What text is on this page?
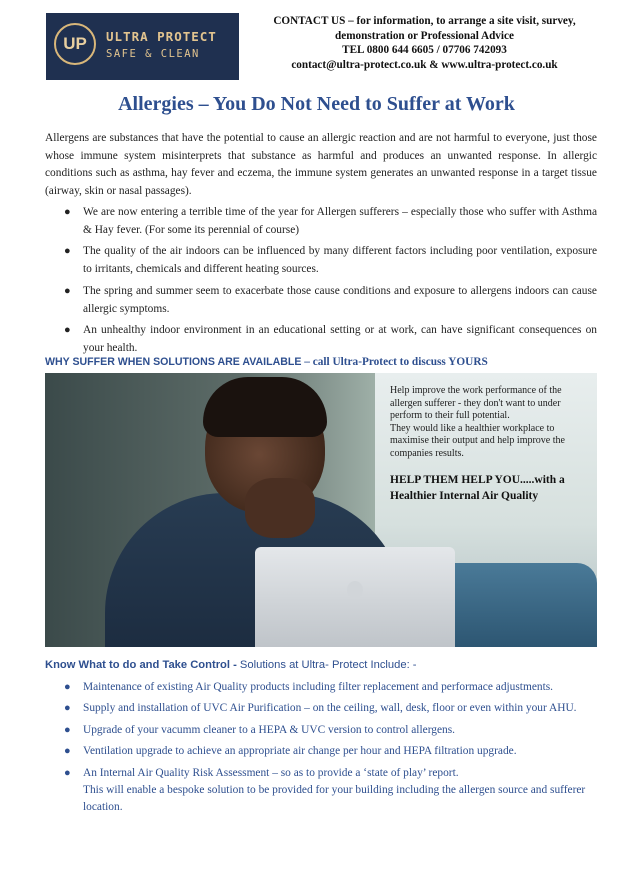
UP	ULTRA PROTECT
SAFE & CLEAN
CONTACT US – for information, to arrange a site visit, survey,
demonstration or Professional Advice
TEL 0800 644 6605 / 07706 742093
contact@ultra-protect.co.uk & www.ultra-protect.co.uk
Allergies – You Do Not Need to Suffer at Work

Allergens are substances that have the potential to cause an allergic reaction and are not harmful to everyone, just those whose immune system misinterprets that substance as harmful and produces an unwanted response. In allergic conditions such as asthma, hay fever and eczema, the immune system generates an unwanted response in a target tissue (airway, skin or nasal passages).

● We are now entering a terrible time of the year for Allergen sufferers – especially those who suffer with Asthma & Hay fever. (For some its perennial of course)
● The quality of the air indoors can be influenced by many different factors including poor ventilation, exposure to irritants, chemicals and different heating sources.
● The spring and summer seem to exacerbate those cause conditions and exposure to allergens indoors can cause allergic symptoms.
● An unhealthy indoor environment in an educational setting or at work, can have significant consequences on your health.
WHY SUFFER WHEN SOLUTIONS ARE AVAILABLE – call Ultra-Protect to discuss YOURS
Help improve the work performance of the allergen sufferer - they don't want to under perform to their full potential.
They would like a healthier workplace to maximise their output and help improve the companies results.
HELP THEM HELP YOU.....with a Healthier Internal Air Quality
Know What to do and Take Control - Solutions at Ultra- Protect Include: -
● Maintenance of existing Air Quality products including filter replacement and performace adjustments.
● Supply and installation of UVC Air Purification – on the ceiling, wall, desk, floor or even within your AHU.
● Upgrade of your vacumm cleaner to a HEPA & UVC version to control allergens.
● Ventilation upgrade to achieve an appropriate air change per hour and HEPA filtration upgrade.
● An Internal Air Quality Risk Assessment – so as to provide a ‘state of play’ report.
This will enable a bespoke solution to be provided for your building including the allergen source and sufferer location.
